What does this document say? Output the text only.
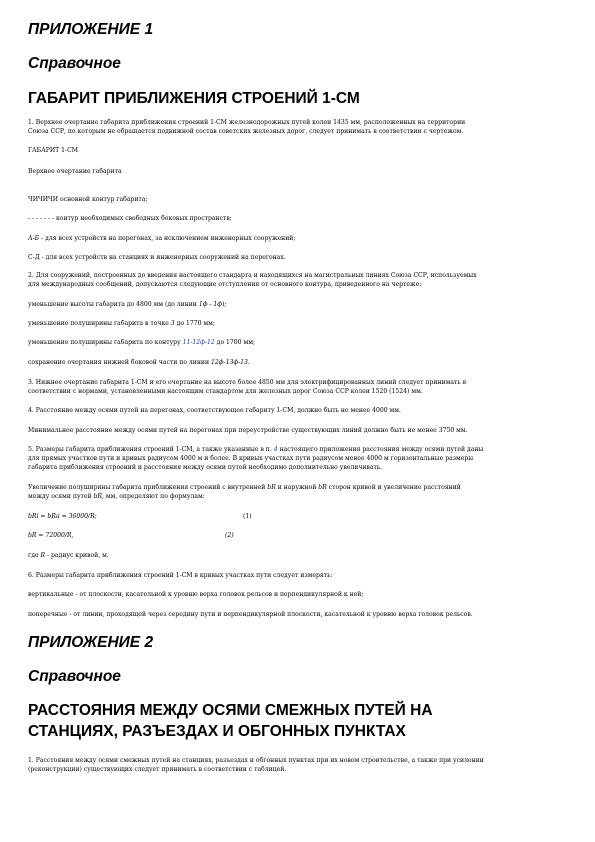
ПРИЛОЖЕНИЕ 1
Справочное
ГАБАРИТ ПРИБЛИЖЕНИЯ СТРОЕНИЙ 1-СМ
1. Верхнее очертание габарита приближения строений 1-СМ железнодорожных путей колеи 1435 мм, расположенных на территории
Союза ССР, по которым не обращается подвижной состав советских железных дорог, следует принимать в соответствии с чертежом.
ГАБАРИТ 1-СМ
Верхнее очертание габарита
ЧИЧИЧИ основной контур габарита;
- - - - - - - контур необходимых свободных боковых пространств;
А-Б - для всех устройств на перегонах, за исключением инженерных сооружений;
С-Д - для всех устройств на станциях и инженерных сооружений на перегонах.
2. Для сооружений, построенных до введения настоящего стандарта и находящихся на магистральных линиях Союза ССР, используемых
для международных сообщений, допускаются следующие отступления от основного контура, приведенного на чертеже:
уменьшение высоты габарита до 4800 мм (до линии 1ф - 1ф);
уменьшение полуширины габарита в точке 3 до 1770 мм;
уменьшение полуширины габарита по контуру 11-12ф-12 до 1700 мм;
сохранение очертания нижней боковой части по линии 12ф-13ф-13.
3. Нижнее очертание габарита 1-СМ и его очертание на высоте более 4850 мм для электрифицированных линий следует принимать в
соответствии с нормами, установленными настоящим стандартом для железных дорог Союза ССР колеи 1520 (1524) мм.
4. Расстояние между осями путей на перегонах, соответствующее габариту 1-СМ, должно быть не менее 4000 мм.
Минимальное расстояние между осями путей на перегонах при переустройстве существующих линий должно быть не менее 3750 мм.
5. Размеры габарита приближения строений 1-СМ, а также указанные в п. 4 настоящего приложения расстояния между осями путей даны
для прямых участков пути и кривых радиусом 4000 м и более. В кривых участках пути радиусом менее 4000 м горизонтальные размеры
габарита приближения строений и расстояния между осями путей необходимо дополнительно увеличивать.
Увеличение полуширины габарита приближения строений с внутренней bR и наружной bR сторон кривой и увеличение расстояний
между осями путей bR, мм, определяют по формулам:
bRi = bRa = 36000/R;	(1)
bR = 72000/R,	(2)
где R - радиус кривой, м.
6. Размеры габарита приближения строений 1-СМ в кривых участках пути следует измерять:
вертикальные - от плоскости, касательной к уровню верха головок рельсов и перпендикулярной к ней;
поперечные - от линии, проходящей через середину пути и перпендикулярной плоскости, касательной к уровню верха головок рельсов.
ПРИЛОЖЕНИЕ 2
Справочное
РАССТОЯНИЯ МЕЖДУ ОСЯМИ СМЕЖНЫХ ПУТЕЙ НА
СТАНЦИЯХ, РАЗЪЕЗДАХ И ОБГОННЫХ ПУНКТАХ
1. Расстояния между осями смежных путей на станциях, разъездах и обгонных пунктах при их новом строительстве, а также при усилении
(реконструкции) существующих следует принимать в соответствии с таблицей.
